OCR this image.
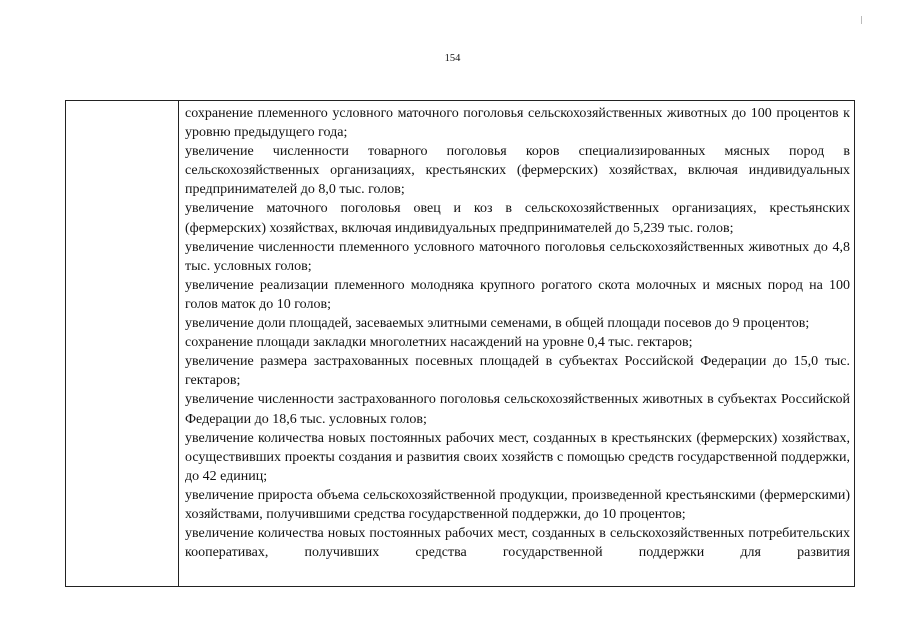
154

сохранение племенного условного маточного поголовья сельскохозяйственных животных до 100 процентов к уровню предыдущего года;

увеличение численности товарного поголовья коров специализированных мясных пород в сельскохозяйственных организациях, крестьянских (фермерских) хозяйствах, включая индивидуальных предпринимателей до 8,0 тыс. голов;

увеличение маточного поголовья овец и коз в сельскохозяйственных организациях, крестьянских (фермерских) хозяйствах, включая индивидуальных предпринимателей до 5,239 тыс. голов;

увеличение численности племенного условного маточного поголовья сельскохозяйственных животных до 4,8 тыс. условных голов;

увеличение реализации племенного молодняка крупного рогатого скота молочных и мясных пород на 100 голов маток до 10 голов;

увеличение доли площадей, засеваемых элитными семенами, в общей площади посевов до 9 процентов;

сохранение площади закладки многолетних насаждений на уровне 0,4 тыс. гектаров;

увеличение размера застрахованных посевных площадей в субъектах Российской Федерации до 15,0 тыс. гектаров;

увеличение численности застрахованного поголовья сельскохозяйственных животных в субъектах Российской Федерации до 18,6 тыс. условных голов;

увеличение количества новых постоянных рабочих мест, созданных в крестьянских (фермерских) хозяйствах, осуществивших проекты создания и развития своих хозяйств с помощью средств государственной поддержки, до 42 единиц;

увеличение прироста объема сельскохозяйственной продукции, произведенной крестьянскими (фермерскими) хозяйствами, получившими средства государственной поддержки, до 10 процентов;

увеличение количества новых постоянных рабочих мест, созданных в сельскохозяйственных потребительских кооперативах, получивших средства государственной поддержки для развития
